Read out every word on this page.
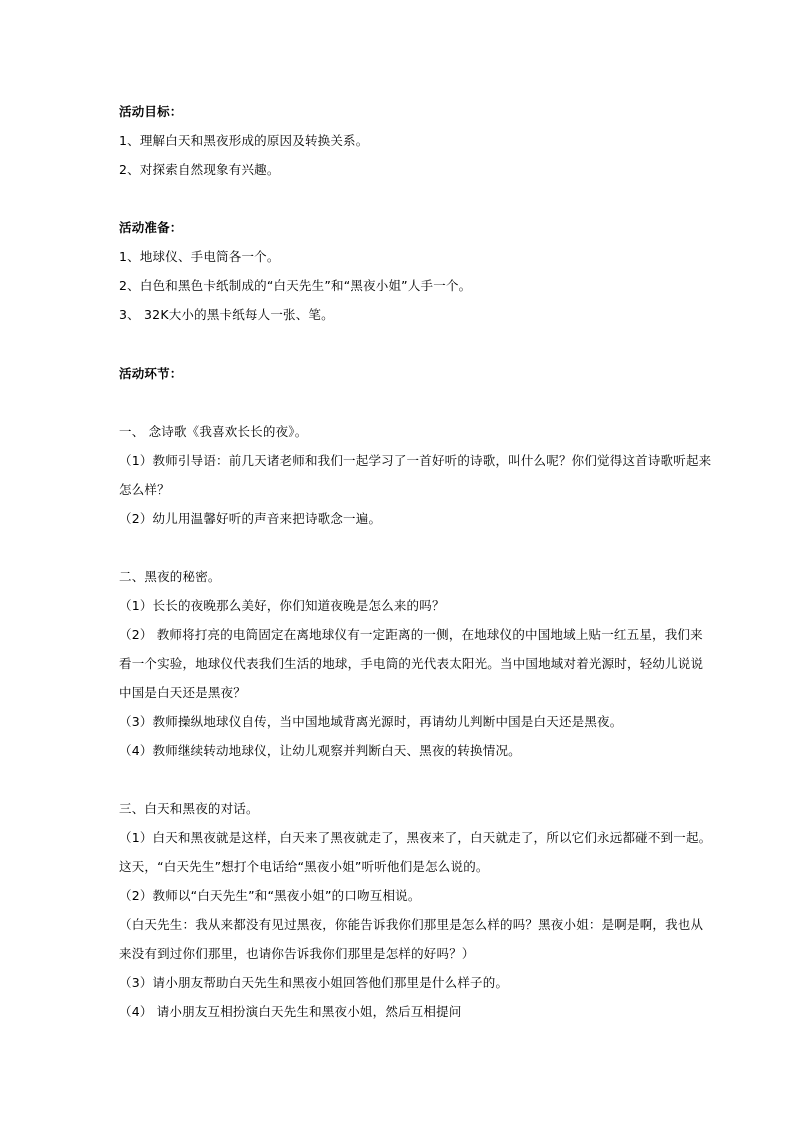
活动目标：
1、理解白天和黑夜形成的原因及转换关系。
2、对探索自然现象有兴趣。
活动准备：
1、地球仪、手电筒各一个。
2、白色和黑色卡纸制成的“白天先生”和“黑夜小姐”人手一个。
3、 32K大小的黑卡纸每人一张、笔。
活动环节：
一、 念诗歌《我喜欢长长的夜》。
（1）教师引导语：前几天诸老师和我们一起学习了一首好听的诗歌，叫什么呢？你们觉得这首诗歌听起来
怎么样？
（2）幼儿用温馨好听的声音来把诗歌念一遍。
二、黑夜的秘密。
（1）长长的夜晚那么美好，你们知道夜晚是怎么来的吗？
（2） 教师将打亮的电筒固定在离地球仪有一定距离的一侧，在地球仪的中国地域上贴一红五星，我们来
看一个实验，地球仪代表我们生活的地球，手电筒的光代表太阳光。当中国地域对着光源时，轻幼儿说说
中国是白天还是黑夜？
（3）教师操纵地球仪自传，当中国地域背离光源时，再请幼儿判断中国是白天还是黑夜。
（4）教师继续转动地球仪，让幼儿观察并判断白天、黑夜的转换情况。
三、白天和黑夜的对话。
（1）白天和黑夜就是这样，白天来了黑夜就走了，黑夜来了，白天就走了，所以它们永远都碰不到一起。
这天，“白天先生”想打个电话给“黑夜小姐”听听他们是怎么说的。
（2）教师以“白天先生”和“黑夜小姐”的口吻互相说。
（白天先生：我从来都没有见过黑夜，你能告诉我你们那里是怎么样的吗？黑夜小姐：是啊是啊，我也从
来没有到过你们那里，也请你告诉我你们那里是怎样的好吗？）
（3）请小朋友帮助白天先生和黑夜小姐回答他们那里是什么样子的。
（4） 请小朋友互相扮演白天先生和黑夜小姐，然后互相提问
